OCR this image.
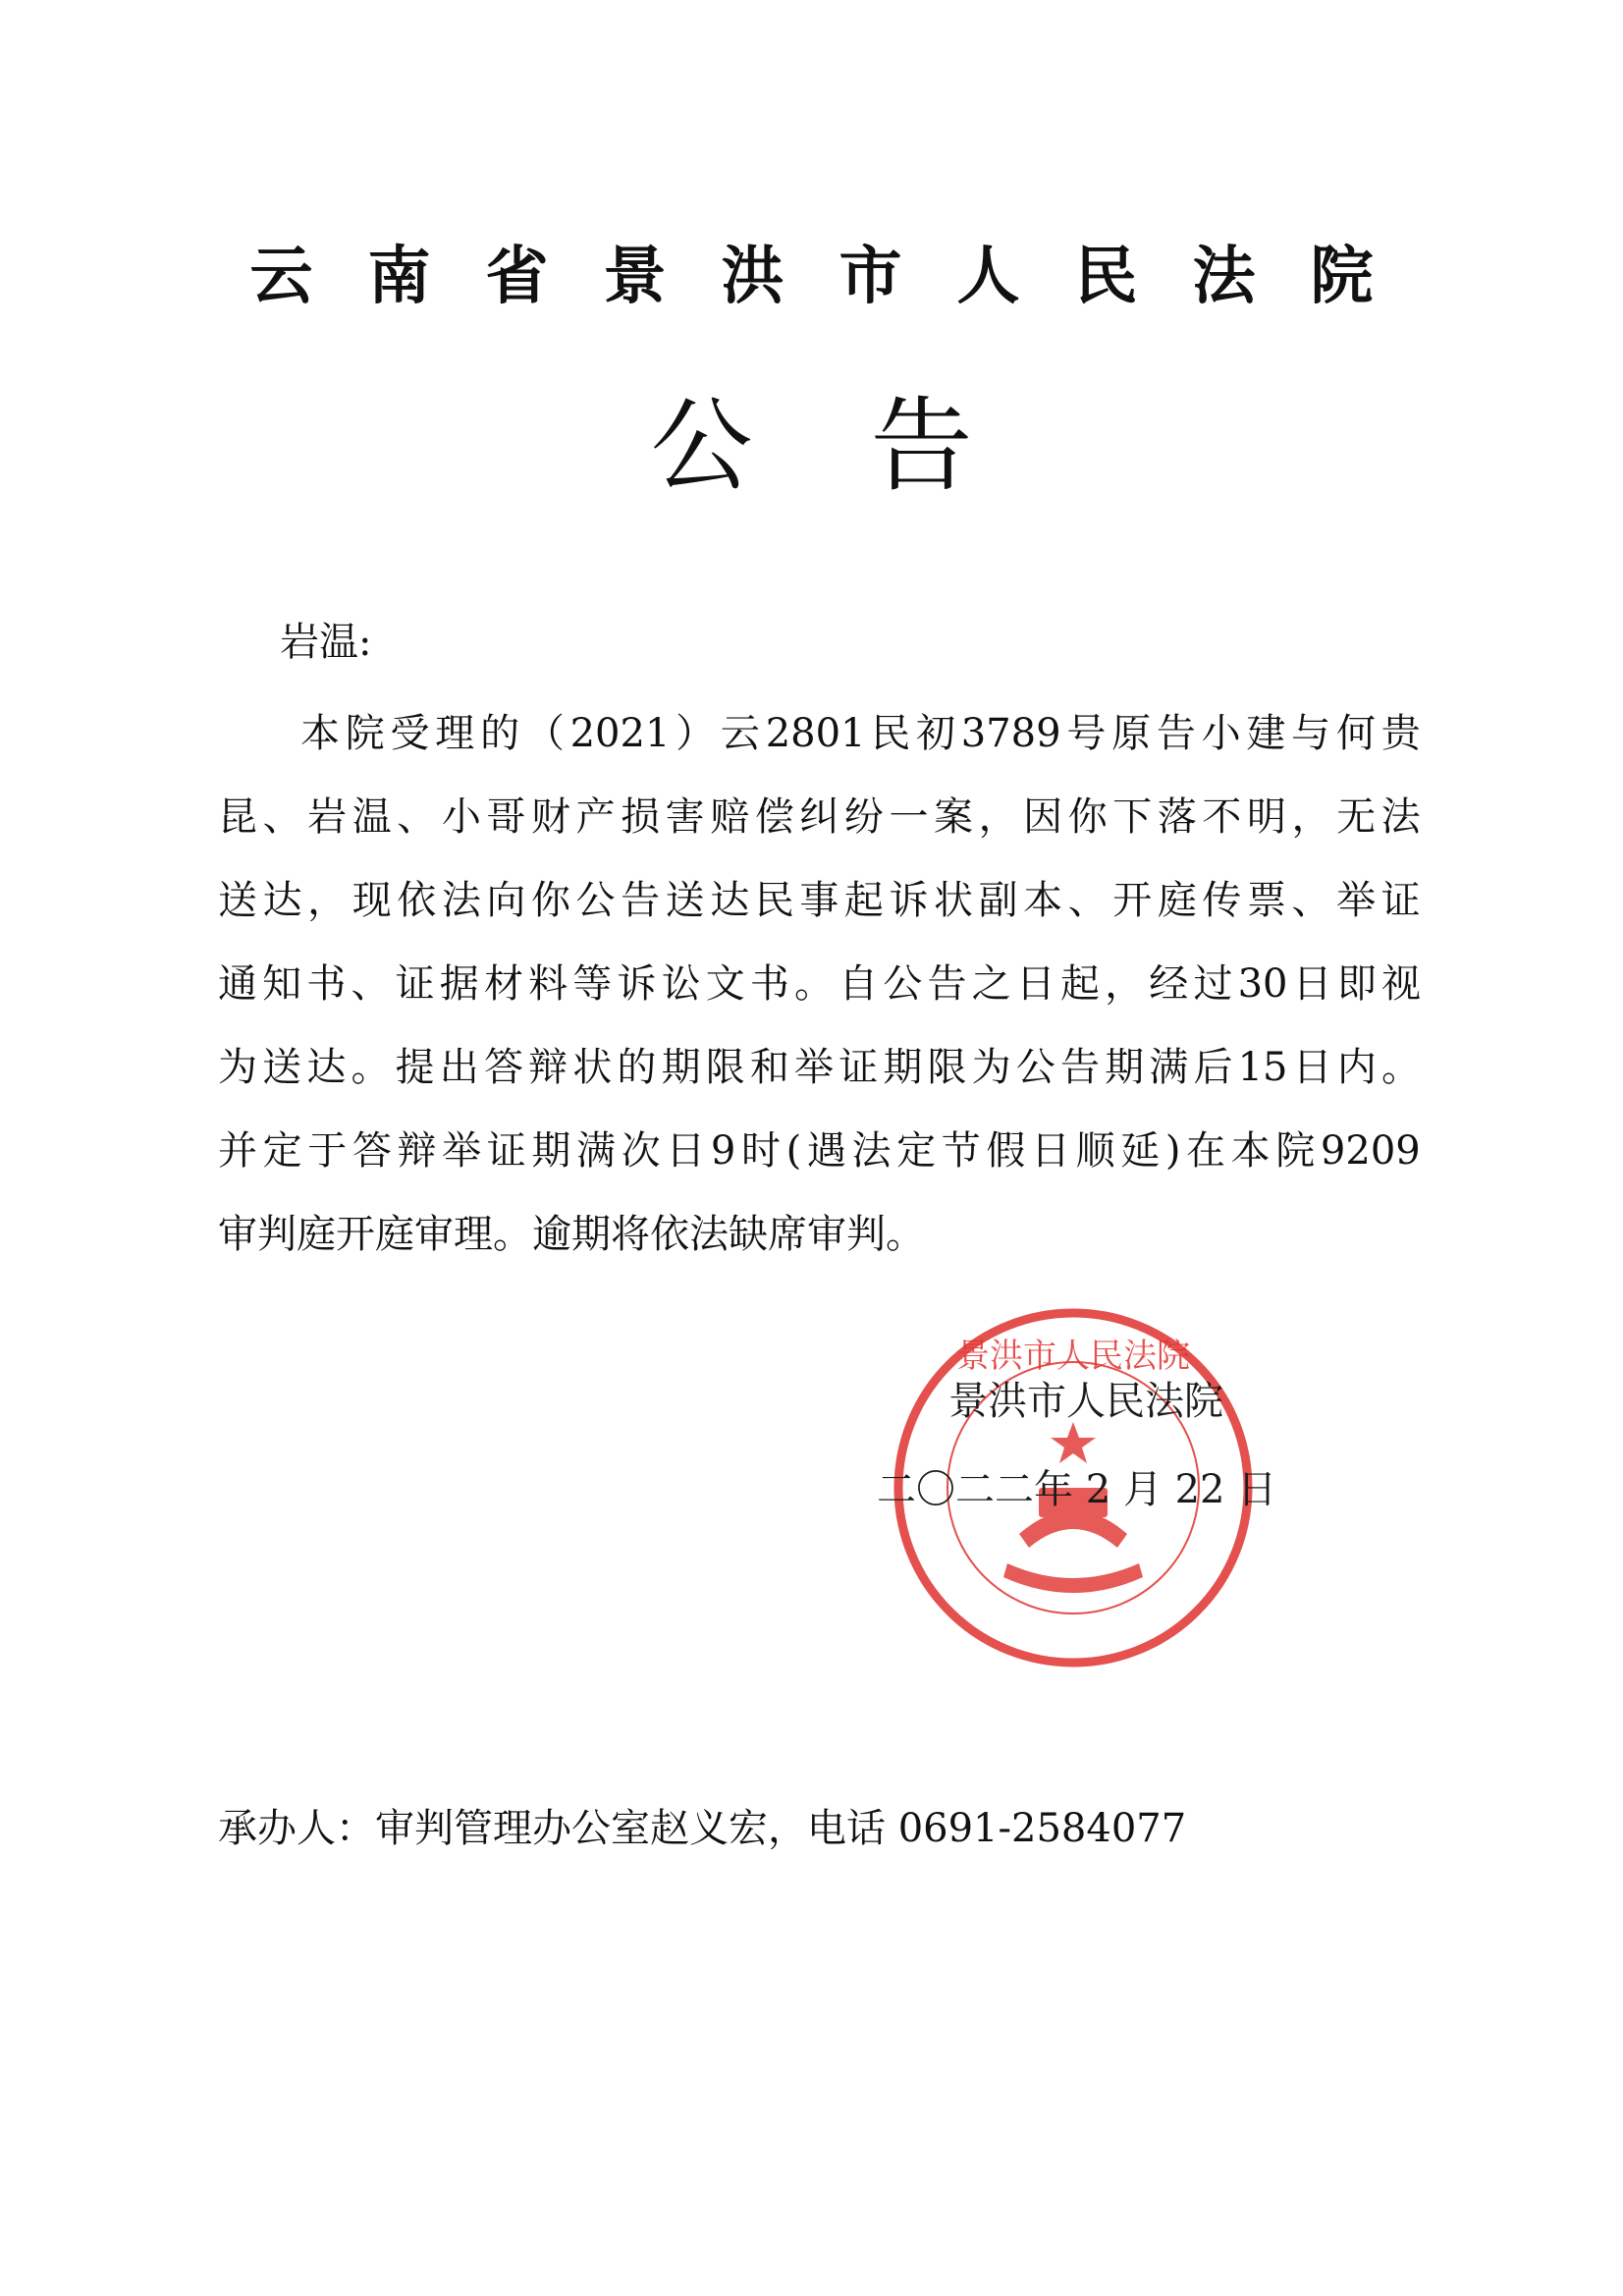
云南省景洪市人民法院
公告
岩温:
本 院 受 理 的 （ 2021 ） 云 2801 民 初 3789 号 原 告 小 建 与 何 贵
昆 、 岩 温 、 小 哥 财 产 损 害 赔 偿 纠 纷 一 案 ， 因 你 下 落 不 明 ， 无 法
送 达 ， 现 依 法 向 你 公 告 送 达 民 事 起 诉 状 副 本 、 开 庭 传 票 、 举 证
通 知 书 、 证 据 材 料 等 诉 讼 文 书 。 自 公 告 之 日 起 ， 经 过 30 日 即 视
为 送 达 。 提 出 答 辩 状 的 期 限 和 举 证 期 限 为 公 告 期 满 后 15 日 内 。
并 定 于 答 辩 举 证 期 满 次 日 9 时 ( 遇 法 定 节 假 日 顺 延 ) 在 本 院 9209
审判庭开庭审理。逾期将依法缺席审判。
景洪市人民法院
景洪市人民法院
二〇二二年 2 月 22 日
承办人：审判管理办公室赵义宏，电话 0691-2584077
